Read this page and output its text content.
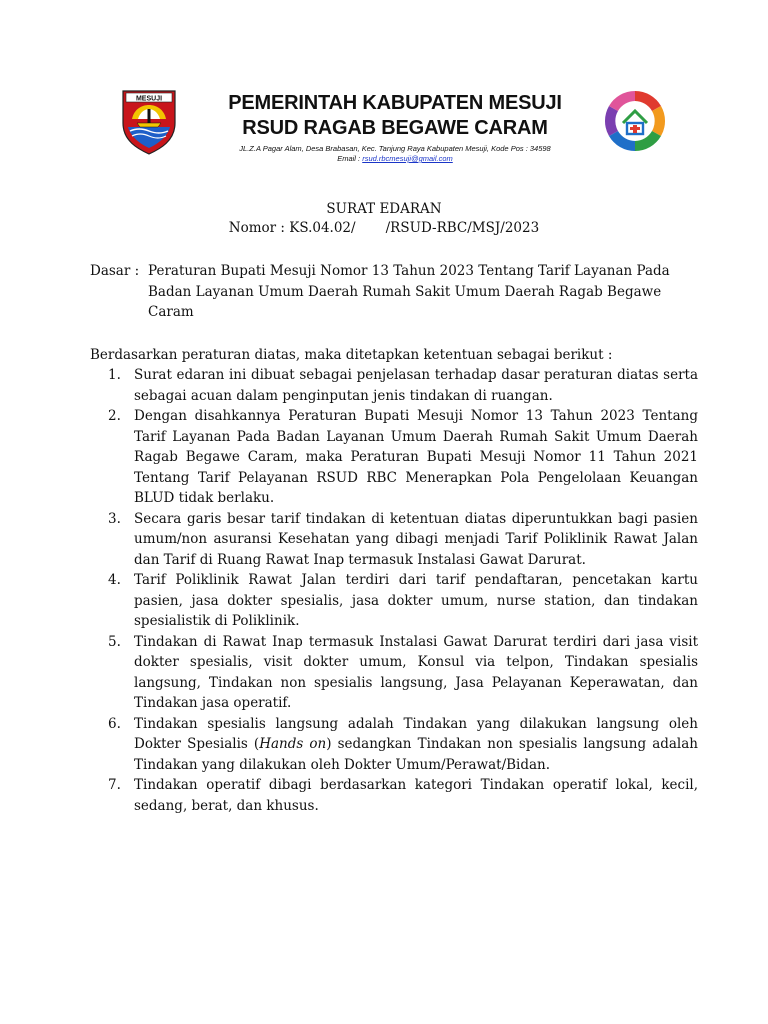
MESUJI	PEMERINTAH KABUPATEN MESUJI
RSUD RAGAB BEGAWE CARAM
JL.Z.A Pagar Alam, Desa Brabasan, Kec. Tanjung Raya Kabupaten Mesuji, Kode Pos : 34598
Email : rsud.rbcmesuji@gmail.com
SURAT EDARAN
Nomor : KS.04.02/       /RSUD-RBC/MSJ/2023
Dasar : Peraturan Bupati Mesuji Nomor 13 Tahun 2023 Tentang Tarif Layanan Pada Badan Layanan Umum Daerah Rumah Sakit Umum Daerah Ragab Begawe Caram
Berdasarkan peraturan diatas, maka ditetapkan ketentuan sebagai berikut :
1. Surat edaran ini dibuat sebagai penjelasan terhadap dasar peraturan diatas serta sebagai acuan dalam penginputan jenis tindakan di ruangan.
2. Dengan disahkannya Peraturan Bupati Mesuji Nomor 13 Tahun 2023 Tentang Tarif Layanan Pada Badan Layanan Umum Daerah Rumah Sakit Umum Daerah Ragab Begawe Caram, maka Peraturan Bupati Mesuji Nomor 11 Tahun 2021 Tentang Tarif Pelayanan RSUD RBC Menerapkan Pola Pengelolaan Keuangan BLUD tidak berlaku.
3. Secara garis besar tarif tindakan di ketentuan diatas diperuntukkan bagi pasien umum/non asuransi Kesehatan yang dibagi menjadi Tarif Poliklinik Rawat Jalan dan Tarif di Ruang Rawat Inap termasuk Instalasi Gawat Darurat.
4. Tarif Poliklinik Rawat Jalan terdiri dari tarif pendaftaran, pencetakan kartu pasien, jasa dokter spesialis, jasa dokter umum, nurse station, dan tindakan spesialistik di Poliklinik.
5. Tindakan di Rawat Inap termasuk Instalasi Gawat Darurat terdiri dari jasa visit dokter spesialis, visit dokter umum, Konsul via telpon, Tindakan spesialis langsung, Tindakan non spesialis langsung, Jasa Pelayanan Keperawatan, dan Tindakan jasa operatif.
6. Tindakan spesialis langsung adalah Tindakan yang dilakukan langsung oleh Dokter Spesialis (Hands on) sedangkan Tindakan non spesialis langsung adalah Tindakan yang dilakukan oleh Dokter Umum/Perawat/Bidan.
7. Tindakan operatif dibagi berdasarkan kategori Tindakan operatif lokal, kecil, sedang, berat, dan khusus.
